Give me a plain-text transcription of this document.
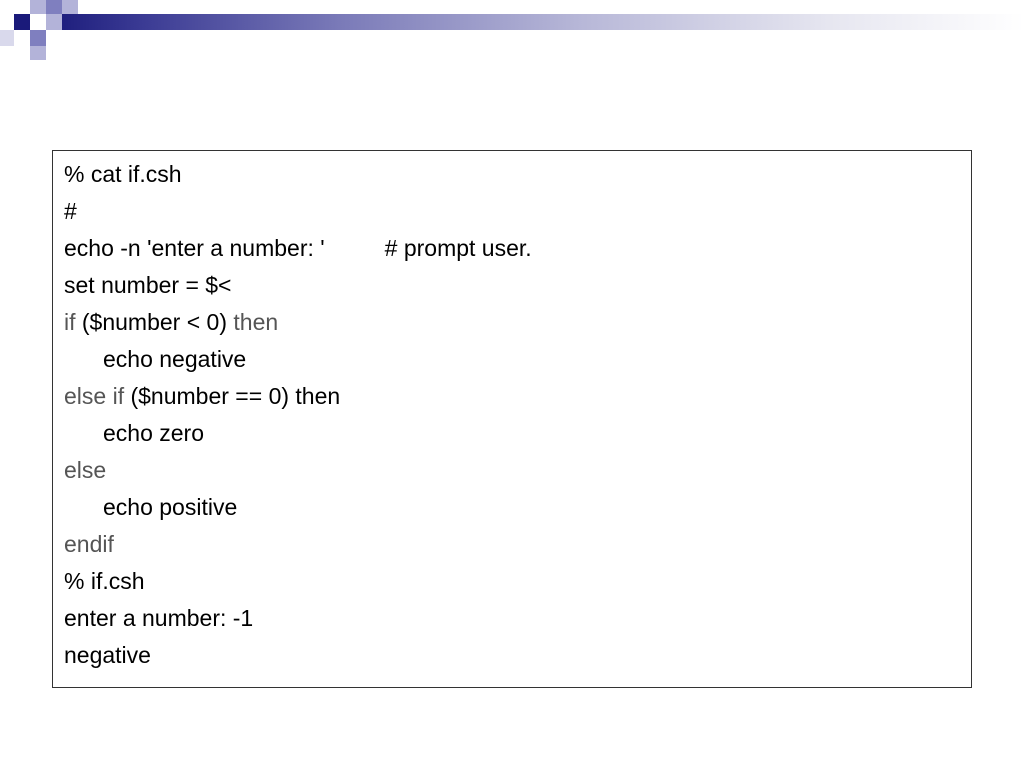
% cat if.csh
#
echo -n 'enter a number: '	# prompt user.
set number = $<
if ($number < 0) then
echo negative
else if ($number == 0) then
echo zero
else
echo positive
endif
% if.csh
enter a number: -1
negative
